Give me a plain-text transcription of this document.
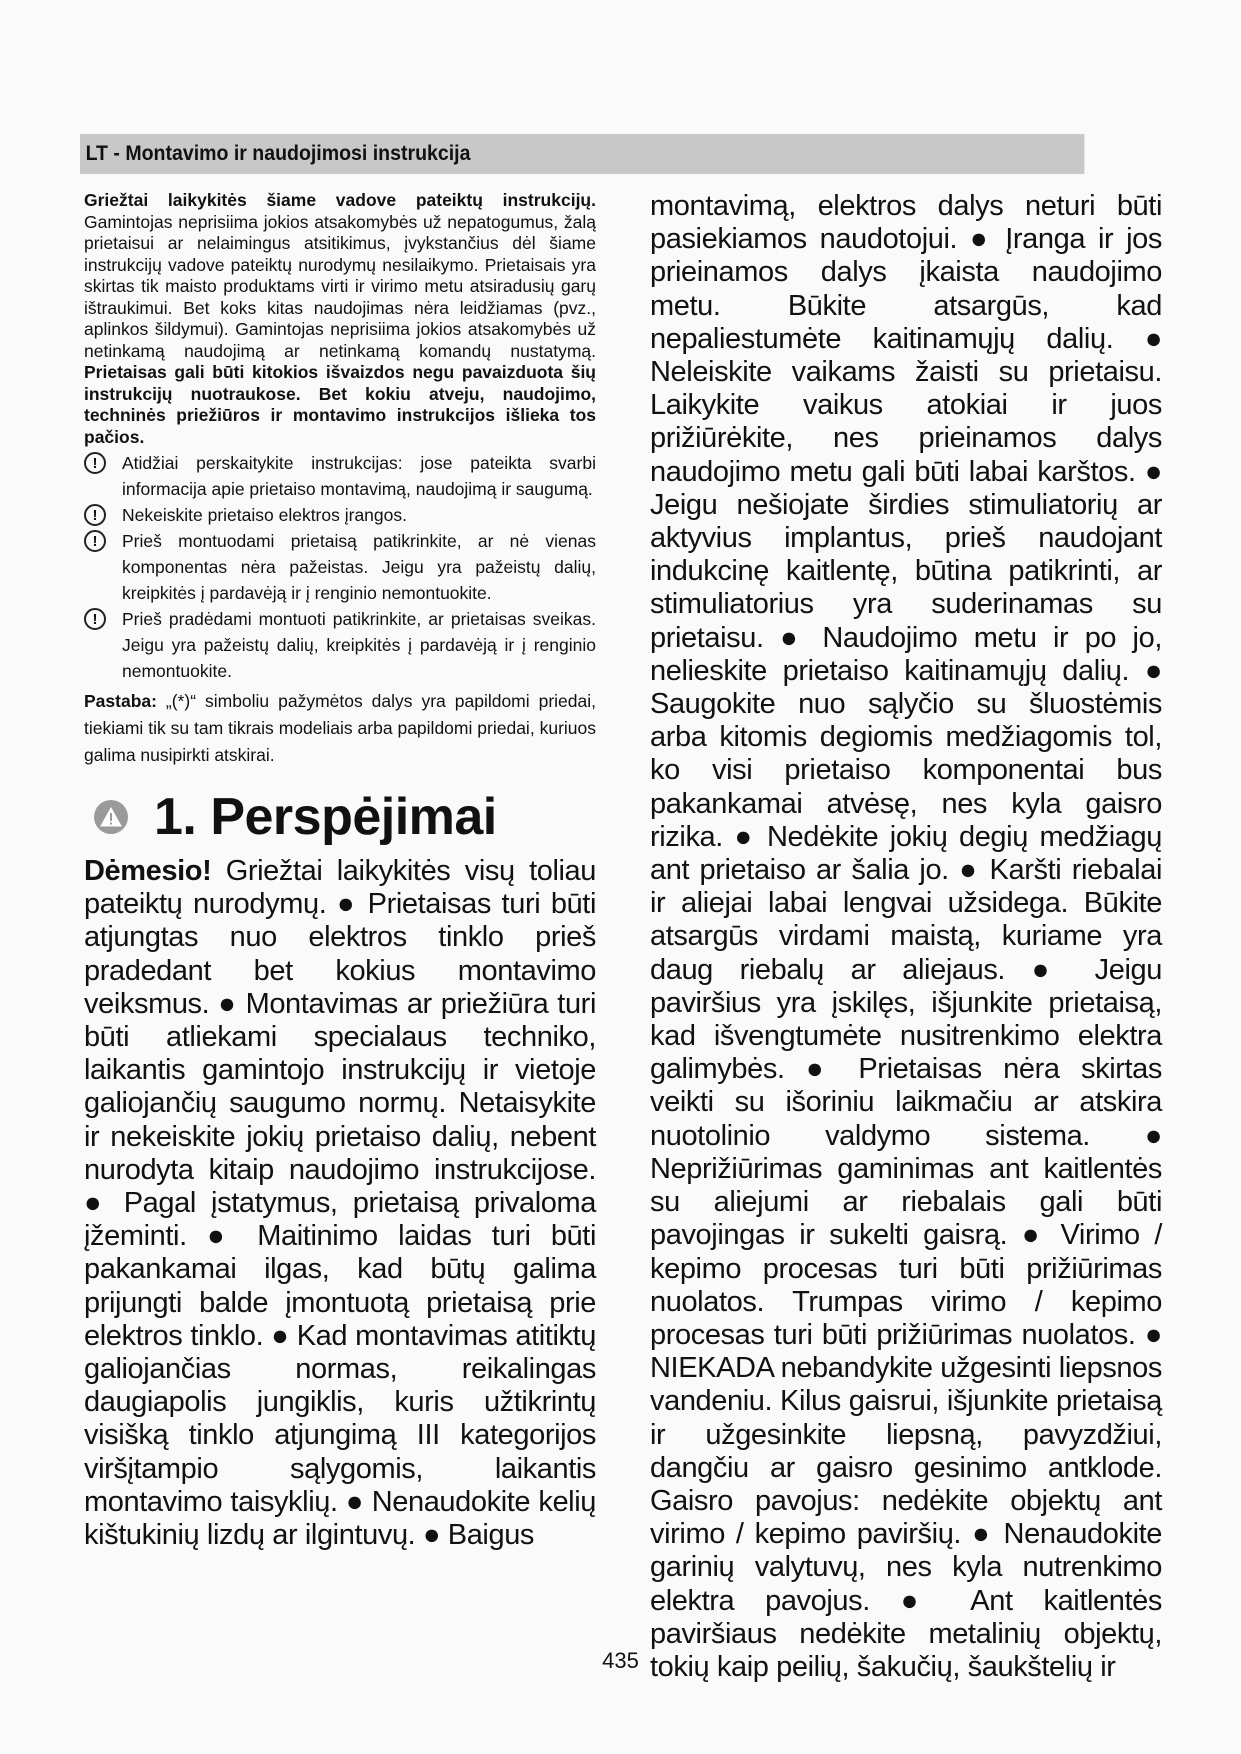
LT - Montavimo ir naudojimosi instrukcija

Griežtai laikykitės šiame vadove pateiktų instrukcijų. Gamintojas neprisiima jokios atsakomybės už nepatogumus, žalą prietaisui ar nelaimingus atsitikimus, įvykstančius dėl šiame instrukcijų vadove pateiktų nurodymų nesilaikymo. Prietaisais yra skirtas tik maisto produktams virti ir virimo metu atsiradusių garų ištraukimui. Bet koks kitas naudojimas nėra leidžiamas (pvz., aplinkos šildymui). Gamintojas neprisiima jokios atsakomybės už netinkamą naudojimą ar netinkamą komandų nustatymą. Prietaisas gali būti kitokios išvaizdos negu pavaizduota šių instrukcijų nuotraukose. Bet kokiu atveju, naudojimo, techninės priežiūros ir montavimo instrukcijos išlieka tos pačios.

! Atidžiai perskaitykite instrukcijas: jose pateikta svarbi informacija apie prietaiso montavimą, naudojimą ir saugumą.

! Nekeiskite prietaiso elektros įrangos.

! Prieš montuodami prietaisą patikrinkite, ar nė vienas komponentas nėra pažeistas. Jeigu yra pažeistų dalių, kreipkitės į pardavėją ir į renginio nemontuokite.

! Prieš pradėdami montuoti patikrinkite, ar prietaisas sveikas. Jeigu yra pažeistų dalių, kreipkitės į pardavėją ir į renginio nemontuokite.

Pastaba: „(*)“ simboliu pažymėtos dalys yra papildomi priedai, tiekiami tik su tam tikrais modeliais arba papildomi priedai, kuriuos galima nusipirkti atskirai.

1. Perspėjimai

Dėmesio! Griežtai laikykitės visų toliau pateiktų nurodymų. ● Prietaisas turi būti atjungtas nuo elektros tinklo prieš pradedant bet kokius montavimo veiksmus. ● Montavimas ar priežiūra turi būti atliekami specialaus techniko, laikantis gamintojo instrukcijų ir vietoje galiojančių saugumo normų. Netaisykite ir nekeiskite jokių prietaiso dalių, nebent nurodyta kitaip naudojimo instrukcijose. ● Pagal įstatymus, prietaisą privaloma įžeminti. ● Maitinimo laidas turi būti pakankamai ilgas, kad būtų galima prijungti balde įmontuotą prietaisą prie elektros tinklo. ● Kad montavimas atitiktų galiojančias normas, reikalingas daugiapolis jungiklis, kuris užtikrintų visišką tinklo atjungimą III kategorijos viršįtampio sąlygomis, laikantis montavimo taisyklių. ● Nenaudokite kelių kištukinių lizdų ar ilgintuvų. ● Baigus

montavimą, elektros dalys neturi būti pasiekiamos naudotojui. ● Įranga ir jos prieinamos dalys įkaista naudojimo metu. Būkite atsargūs, kad nepaliestumėte kaitinamųjų dalių. ● Neleiskite vaikams žaisti su prietaisu. Laikykite vaikus atokiai ir juos prižiūrėkite, nes prieinamos dalys naudojimo metu gali būti labai karštos. ● Jeigu nešiojate širdies stimuliatorių ar aktyvius implantus, prieš naudojant indukcinę kaitlentę, būtina patikrinti, ar stimuliatorius yra suderinamas su prietaisu. ● Naudojimo metu ir po jo, nelieskite prietaiso kaitinamųjų dalių. ● Saugokite nuo sąlyčio su šluostėmis arba kitomis degiomis medžiagomis tol, ko visi prietaiso komponentai bus pakankamai atvėsę, nes kyla gaisro rizika. ● Nedėkite jokių degių medžiagų ant prietaiso ar šalia jo. ● Karšti riebalai ir aliejai labai lengvai užsidega. Būkite atsargūs virdami maistą, kuriame yra daug riebalų ar aliejaus. ● Jeigu paviršius yra įskilęs, išjunkite prietaisą, kad išvengtumėte nusitrenkimo elektra galimybės. ● Prietaisas nėra skirtas veikti su išoriniu laikmačiu ar atskira nuotolinio valdymo sistema. ● Neprižiūrimas gaminimas ant kaitlentės su aliejumi ar riebalais gali būti pavojingas ir sukelti gaisrą. ● Virimo / kepimo procesas turi būti prižiūrimas nuolatos. Trumpas virimo / kepimo procesas turi būti prižiūrimas nuolatos. ● NIEKADA nebandykite užgesinti liepsnos vandeniu. Kilus gaisrui, išjunkite prietaisą ir užgesinkite liepsną, pavyzdžiui, dangčiu ar gaisro gesinimo antklode. Gaisro pavojus: nedėkite objektų ant virimo / kepimo paviršių. ● Nenaudokite garinių valytuvų, nes kyla nutrenkimo elektra pavojus. ● Ant kaitlentės paviršiaus nedėkite metalinių objektų, tokių kaip peilių, šakučių, šaukštelių ir

435
